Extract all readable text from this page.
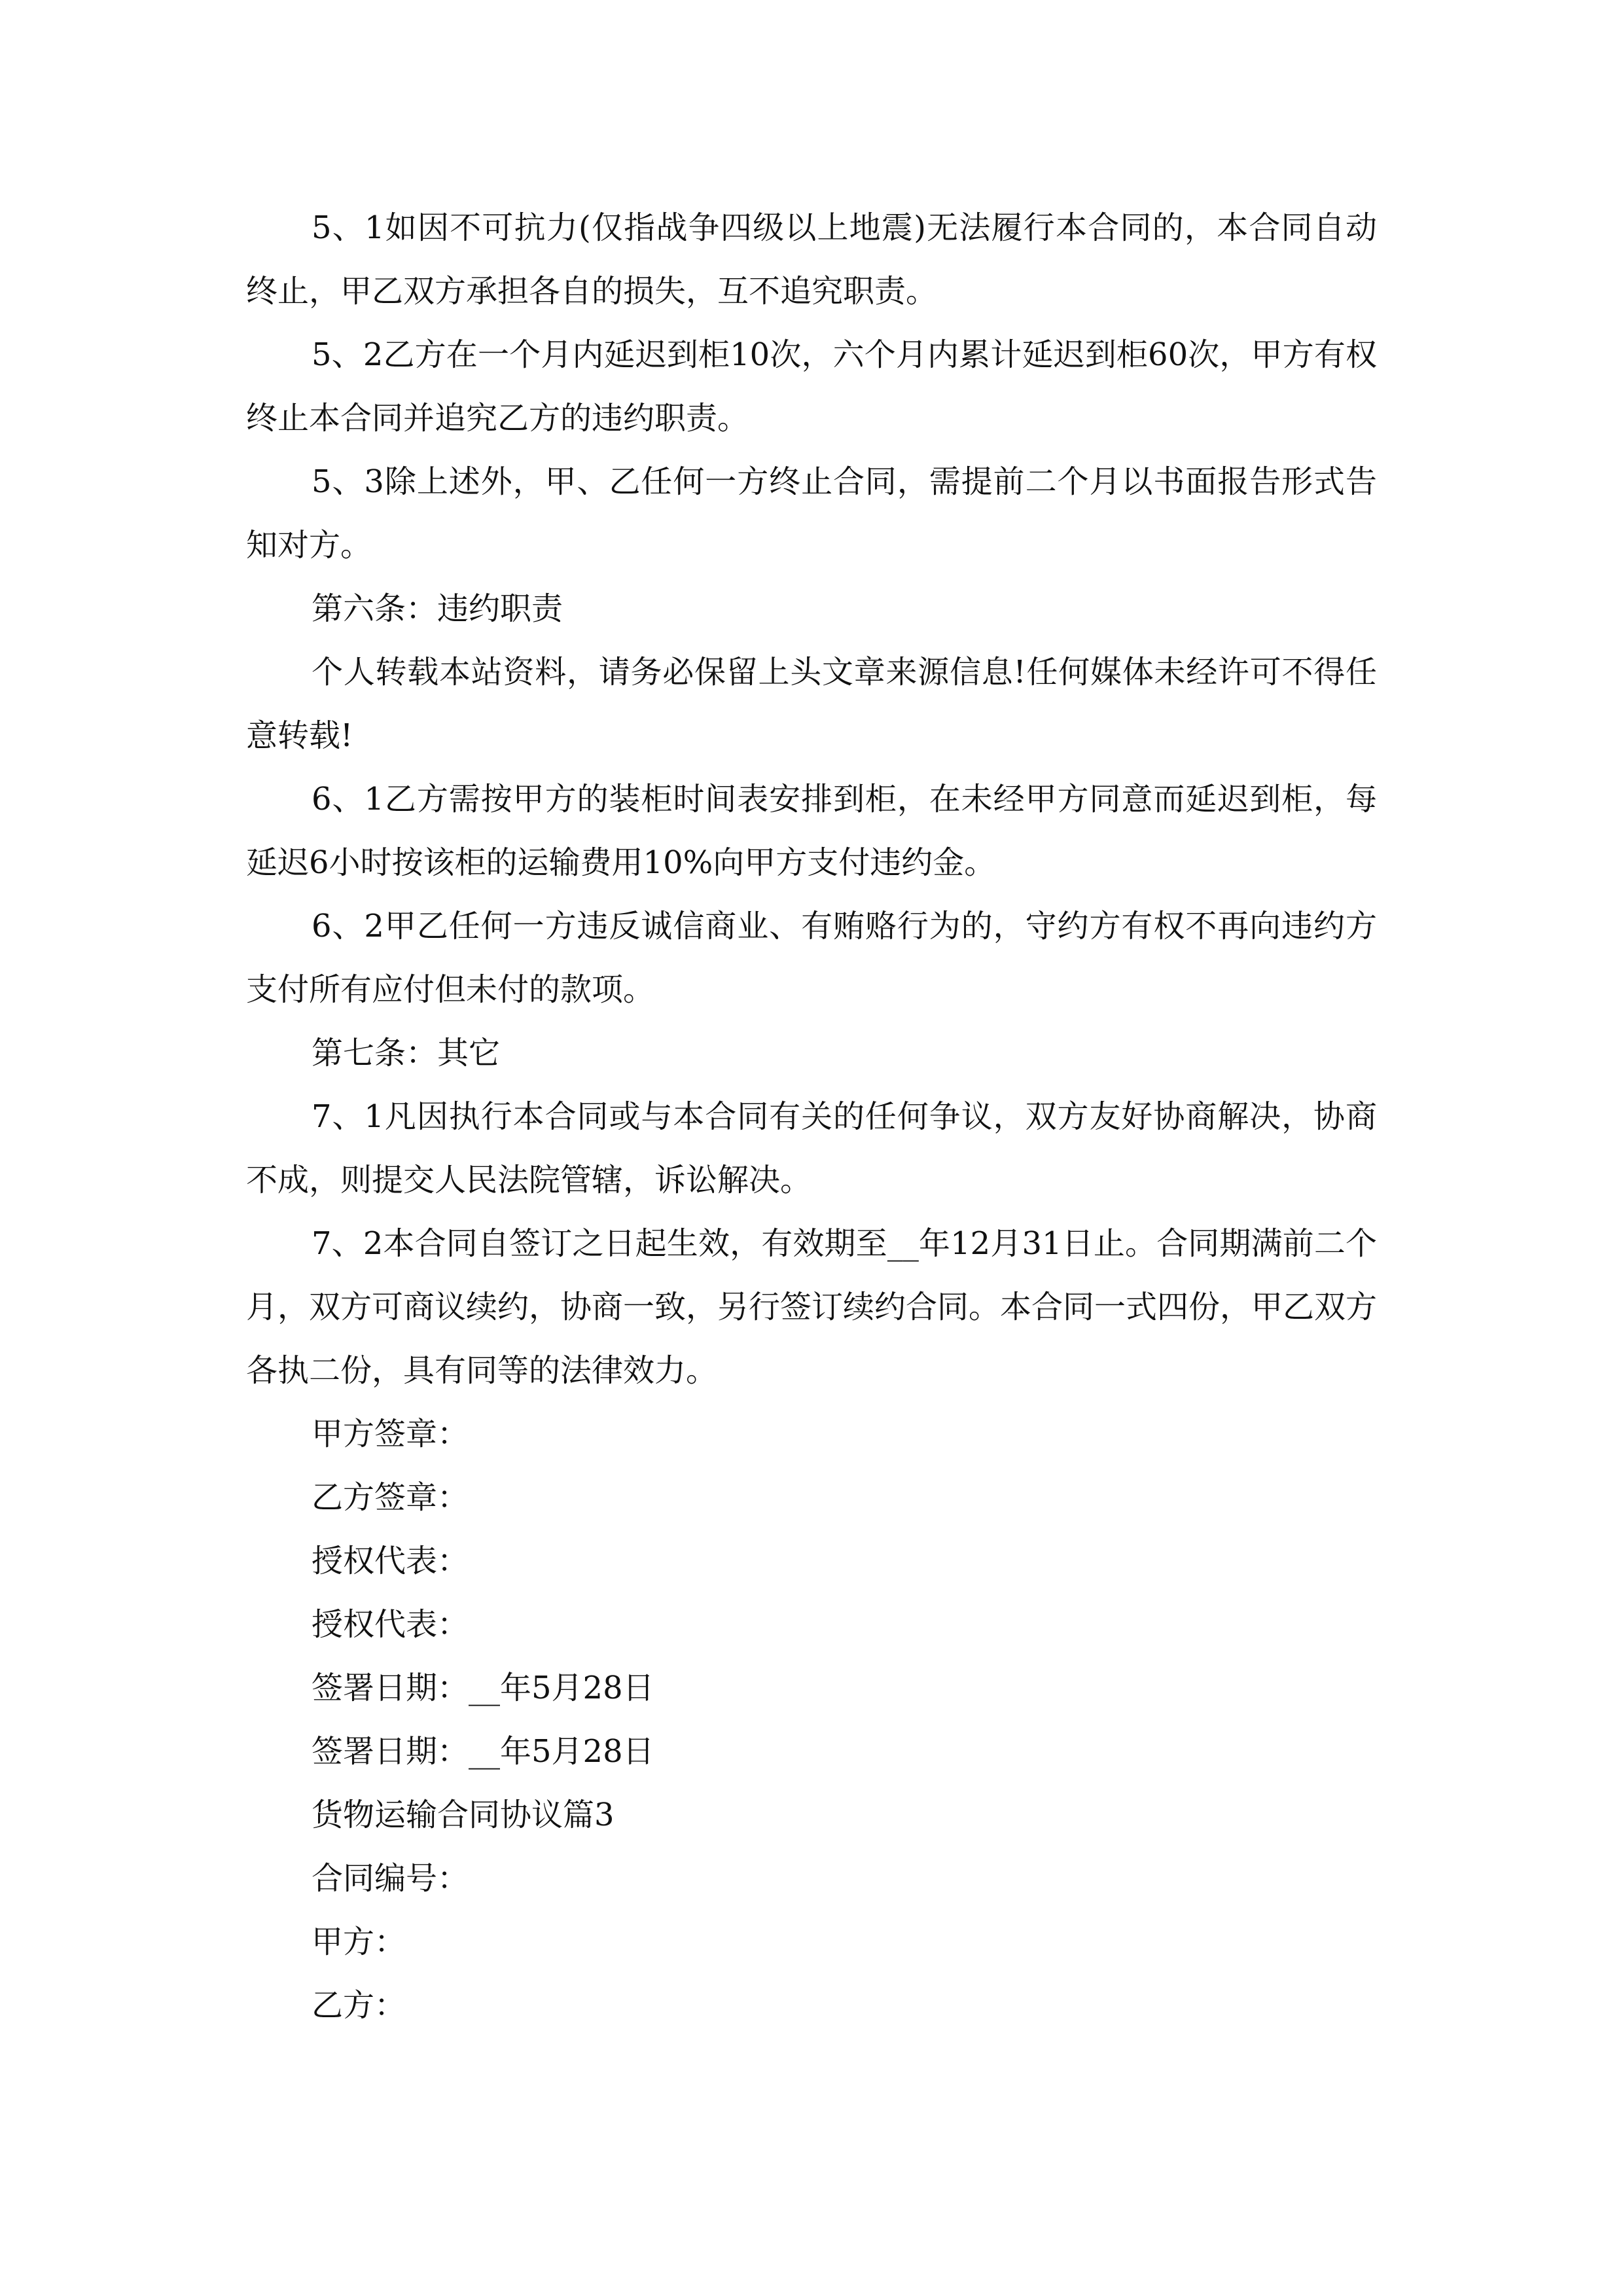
5、1如因不可抗力(仅指战争四级以上地震)无法履行本合同的，本合同自动终止，甲乙双方承担各自的损失，互不追究职责。

5、2乙方在一个月内延迟到柜10次，六个月内累计延迟到柜60次，甲方有权终止本合同并追究乙方的违约职责。

5、3除上述外，甲、乙任何一方终止合同，需提前二个月以书面报告形式告知对方。

第六条：违约职责

个人转载本站资料，请务必保留上头文章来源信息!任何媒体未经许可不得任意转载!

6、1乙方需按甲方的装柜时间表安排到柜，在未经甲方同意而延迟到柜，每延迟6小时按该柜的运输费用10%向甲方支付违约金。

6、2甲乙任何一方违反诚信商业、有贿赂行为的，守约方有权不再向违约方支付所有应付但未付的款项。

第七条：其它

7、1凡因执行本合同或与本合同有关的任何争议，双方友好协商解决，协商不成，则提交人民法院管辖，诉讼解决。

7、2本合同自签订之日起生效，有效期至__年12月31日止。合同期满前二个月，双方可商议续约，协商一致，另行签订续约合同。本合同一式四份，甲乙双方各执二份，具有同等的法律效力。

甲方签章：

乙方签章：

授权代表：

授权代表：

签署日期：__年5月28日

签署日期：__年5月28日

货物运输合同协议篇3

合同编号：

甲方：

乙方：
